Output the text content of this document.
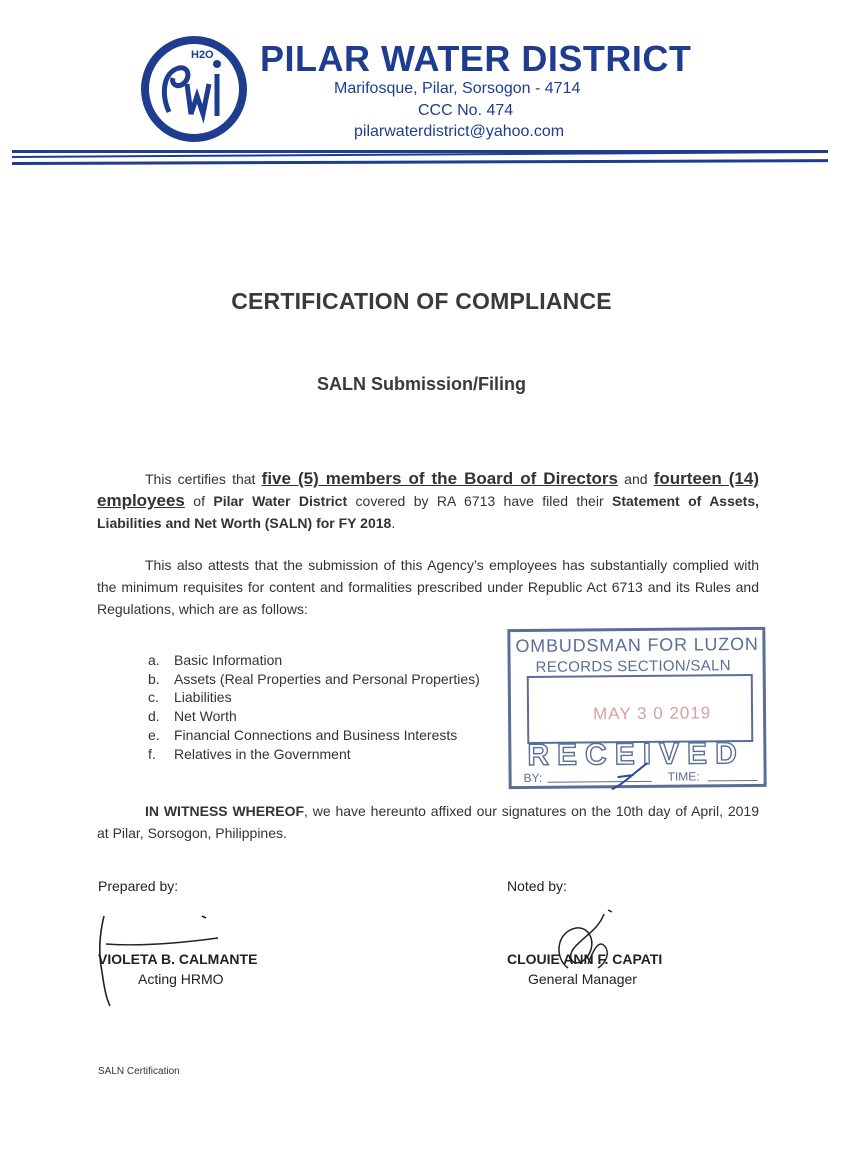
H2O PILAR WATER DISTRICT
Marifosque, Pilar, Sorsogon - 4714
CCC No. 474
pilarwaterdistrict@yahoo.com
CERTIFICATION OF COMPLIANCE
SALN Submission/Filing
This certifies that five (5) members of the Board of Directors and fourteen (14) employees of Pilar Water District covered by RA 6713 have filed their Statement of Assets, Liabilities and Net Worth (SALN) for FY 2018.
This also attests that the submission of this Agency’s employees has substantially complied with the minimum requisites for content and formalities prescribed under Republic Act 6713 and its Rules and Regulations, which are as follows:
a. Basic Information
b. Assets (Real Properties and Personal Properties)
c. Liabilities
d. Net Worth
e. Financial Connections and Business Interests
f. Relatives in the Government
OMBUDSMAN FOR LUZON
RECORDS SECTION/SALN
MAY 3 0 2019
RECEIVED
BY:	TIME:
IN WITNESS WHEREOF, we have hereunto affixed our signatures on the 10th day of April, 2019 at Pilar, Sorsogon, Philippines.
Prepared by:	Noted by:
VIOLETA B. CALMANTE
Acting HRMO
CLOUIE ANN F. CAPATI
General Manager
SALN Certification
